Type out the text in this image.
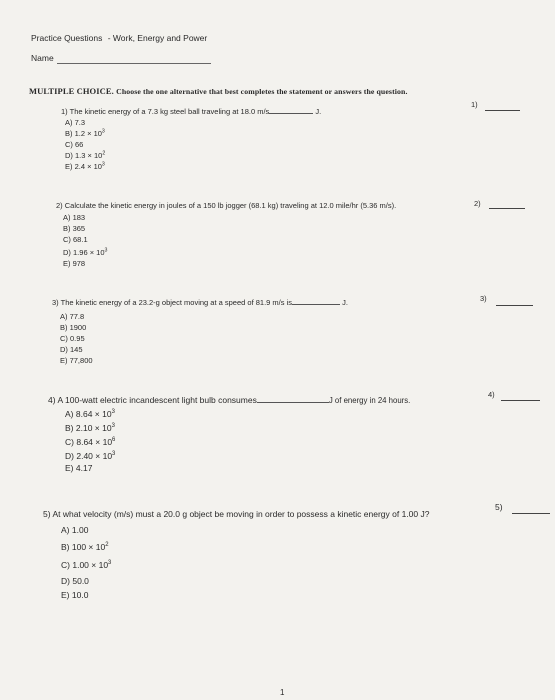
Practice Questions - Work, Energy and Power
Name
MULTIPLE CHOICE. Choose the one alternative that best completes the statement or answers the question.
1) The kinetic energy of a 7.3 kg steel ball traveling at 18.0 m/s	J.
1)
A) 7.3
B) $1.2 \times 10^3$
C) 66
D) $1.3 \times 10^2$
E) $2.4 \times 10^3$
2) Calculate the kinetic energy in joules of a 150 lb jogger (68.1 kg) traveling at 12.0 mile/hr (5.36 m/s).	2)
A) 183
B) 365
C) 68.1
D) $1.96 \times 10^3$
E) 978
3) The kinetic energy of a 23.2-g object moving at a speed of 81.9 m/s is	J.	3)
A) 77.8
B) 1900
C) 0.95
D) 145
E) 77,800
4) A 100-watt electric incandescent light bulb consumes	J of energy in 24 hours.
4)
A) $8.64 \times 10^3$
B) $2.10 \times 10^3$
C) $8.64 \times 10^6$
D) $2.40 \times 10^3$
E) 4.17
5) At what velocity (m/s) must a 20.0 g object be moving in order to possess a kinetic energy of 1.00 J?
5)
A) 1.00
B) $100 \times 10^2$
C) $1.00 \times 10^3$
D) 50.0
E) 10.0
1
